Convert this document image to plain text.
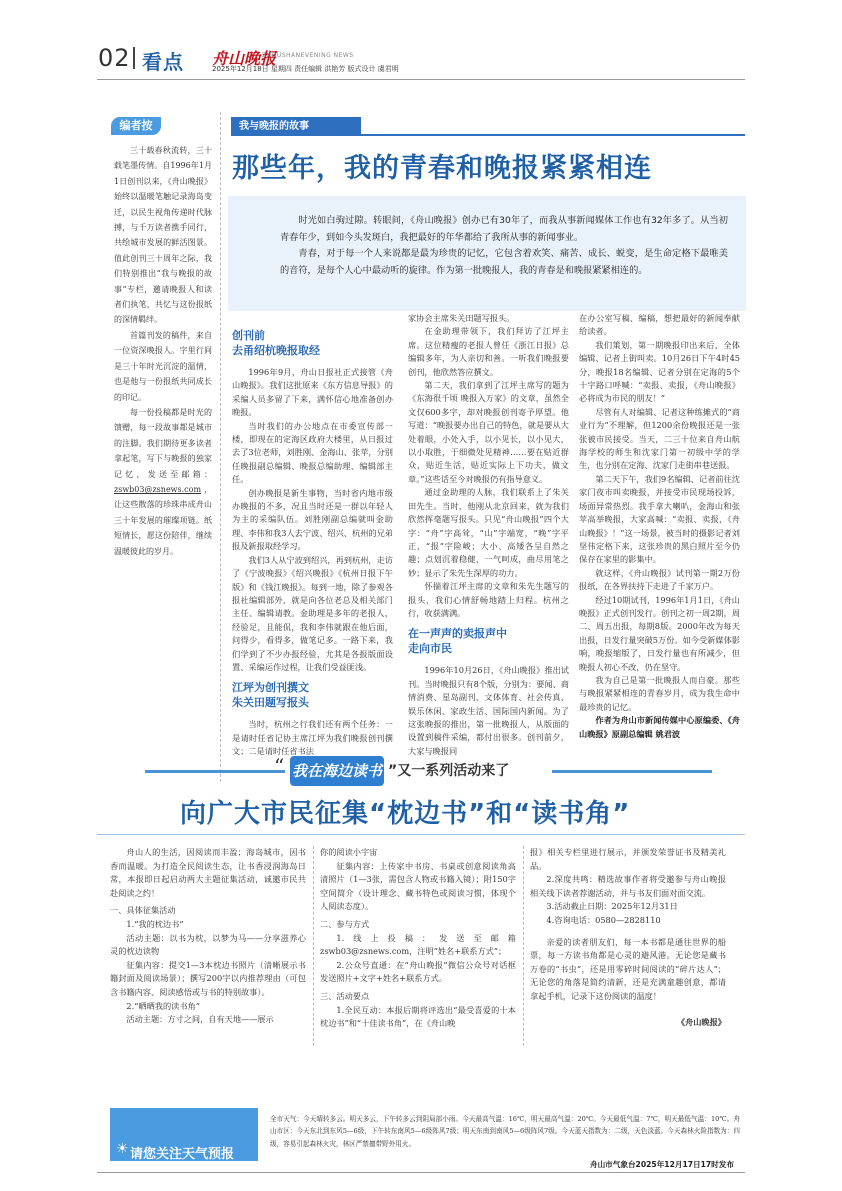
02 看点 舟山晚报
ZHOUSHANEVENING NEWS
2025年12月18日 星期四 责任编辑 洪艳芳 版式设计 虞君明
编者按

三十载春秋流转，三十载笔墨传情。自1996年1月1日创刊以来，《舟山晚报》始终以温暖笔触记录海岛变迁，以民生视角传递时代脉搏，与千万读者携手同行，共绘城市发展的鲜活图景。值此创刊三十周年之际，我们特别推出“我与晚报的故事”专栏，邀请晚报人和读者们执笔，共忆与这份报纸的深情羁绊。

首篇刊发的稿件，来自一位资深晚报人。字里行间是三十年时光沉淀的温情，也是他与一份报纸共同成长的印记。

每一份投稿都是时光的馈赠，每一段故事都是城市的注脚。我们期待更多读者拿起笔，写下与晚报的独家记忆，发送至邮箱：zswb03@zsnews.com，让这些散落的珍珠串成舟山三十年发展的璀璨项链。纸短情长，愿这份陪伴，继续温暖彼此的岁月。

我与晚报的故事
那些年，我的青春和晚报紧紧相连

时光如白驹过隙。转眼间，《舟山晚报》创办已有30年了，而我从事新闻媒体工作也有32年多了。从当初青春年少，到如今头发斑白，我把最好的年华都给了我所从事的新闻事业。

青春，对于每一个人来说都是最为珍贵的记忆，它包含着欢笑、痛苦、成长、蜕变，是生命定格下最唯美的音符，是每个人心中最动听的旋律。作为第一批晚报人，我的青春是和晚报紧紧相连的。

创刊前
去甬绍杭晚报取经

1996年9月，舟山日报社正式接管《舟山晚报》。我们这批原来《东方信息导报》的采编人员多留了下来，满怀信心地准备创办晚报。

当时我们的办公地点在市委宣传部一楼，即现在的定海区政府大楼里，从日报过去了3位老师，刘胜刚、金海山、张苹，分别任晚报副总编辑、晚报总编助理、编辑部主任。

创办晚报是新生事物，当时省内地市级办晚报的不多，况且当时还是一群以年轻人为主的采编队伍。刘胜刚副总编就叫金助理、李伟和我3人去宁波、绍兴、杭州的兄弟报及新报取经学习。

我们3人从宁波到绍兴，再到杭州，走访了《宁波晚报》《绍兴晚报》《杭州日报下午版》和《钱江晚报》。每到一地，除了参观各报社编辑部外，就是向各位老总及相关部门主任、编辑请教。金助理是多年的老报人，经验足，且能侃，我和李伟就跟在他后面，问得少，看得多，做笔记多。一路下来，我们学到了不少办报经验，尤其是各报版面设置、采编运作过程，让我们受益匪浅。

江坪为创刊撰文
朱关田题写报头

当时，杭州之行我们还有两个任务：一是请时任省记协主席江坪为我们晚报创刊撰文；二是请时任省书法

家协会主席朱关田题写报头。

在金助理带领下，我们拜访了江坪主席。这位精瘦的老报人曾任《浙江日报》总编辑多年，为人亲切和善。一听我们晚报要创刊，他欣然答应撰文。

第二天，我们拿到了江坪主席写的题为《东海很千顷 晚报入万家》的文章，虽然全文仅600多字，却对晚报创刊寄予厚望。他写道：“晚报要办出自己的特色，就是要从大处着眼，小处入手，以小见长，以小见大，以小取胜，于细微处见精神……要在贴近群众，贴近生活，贴近实际上下功夫，做文章。”这些话至今对晚报仍有指导意义。

通过金助理的人脉，我们联系上了朱关田先生。当时，他刚从北京回来，就为我们欣然挥毫题写报头。只见“舟山晚报”四个大字：“舟”字高耸，“山”字端宽，“晚”字平正，“报”字险峻；大小、高矮各呈自然之趣；点划沉着稳健，一气呵成，曲尽用笔之妙；显示了朱先生深厚的功力。

怀揣着江坪主席的文章和朱先生题写的报头，我们心情舒畅地踏上归程。杭州之行，收获满满。

在一声声的卖报声中
走向市民

1996年10月26日，《舟山晚报》推出试刊。当时晚报只有8个版，分别为：要闻、商情消费、星岛副刊、文体体育、社会传真、娱乐休闲、家政生活、国际国内新闻。为了这张晚报的推出，第一批晚报人，从版面的设置到稿件采编，都付出很多。创刊前夕，大家与晚报同

在办公室写稿、编稿，想把最好的新闻奉献给读者。

我们策划，第一期晚报印出来后，全体编辑、记者上街叫卖。10月26日下午4时45分，晚报18名编辑、记者分别在定海的5个十字路口呼喊：“卖报、卖报，《舟山晚报》必将成为市民的朋友！”

尽管有人对编辑、记者这种练摊式的“商业行为”不理解，但1200余份晚报还是一张张被市民接受。当天，二三十位来自舟山航海学校的师生和沈家门第一初级中学的学生，也分别在定海、沈家门走街串巷送报。

第二天下午，我们9名编辑、记者前往沈家门夜市叫卖晚报，并接受市民现场投诉，场面异常热烈。我手拿大喇叭，金海山和张苹高举晚报，大家高喊：“卖报、卖报，《舟山晚报》！”这一场景，被当时的摄影记者刘坚伟定格下来，这张珍贵的黑白照片至今仍保存在家里的影集中。

就这样，《舟山晚报》试刊第一期2万份报纸，在各界扶持下走进了千家万户。

经过10期试刊，1996年1月1日，《舟山晚报》正式创刊发行。创刊之初一周2期，周二、周五出报，每期8版。2000年改为每天出报，日发行量突破5万份。如今受新媒体影响，晚报缩版了，日发行量也有所减少，但晚报人初心不改，仍在坚守。

我为自己是第一批晚报人而自豪。那些与晚报紧紧相连的青春岁月，成为我生命中最珍贵的记忆。

作者为舟山市新闻传媒中心原编委、《舟山晚报》原副总编辑 姚君波

“ 我在海边读书 ”又一系列活动来了
向广大市民征集“枕边书”和“读书角”

舟山人的生活，因阅读而丰盈；海岛城市，因书香而温暖。为打造全民阅读生态，让书香浸润海岛日常，本报即日起启动两大主题征集活动，诚邀市民共赴阅读之约！

一、具体征集活动

1.“我的枕边书”

活动主题：以书为枕，以梦为马——分享滋养心灵的枕边读物

征集内容：提交1—3本枕边书照片（清晰展示书籍封面及阅读场景）；撰写200字以内推荐理由（可包含书籍内容、阅读感悟或与书的特别故事）。

2.“晒晒我的读书角”

活动主题：方寸之间，自有天地——展示

你的阅读小宇宙

征集内容：上传家中书房、书桌或创意阅读角高清照片（1—3张，需包含人物或书籍入镜）；附150字空间简介（设计理念、藏书特色或阅读习惯，体现个人阅读态度）。

二、参与方式

1.线上投稿：发送至邮箱zswb03@zsnews.com，注明“姓名+联系方式”；

2.公众号直通：在“舟山晚报”微信公众号对话框发送照片+文字+姓名+联系方式。

三、活动要点

1.全民互动：本报后期将评选出“最受喜爱的十本枕边书”和“十佳读书角”，在《舟山晚

报》相关专栏里进行展示，并颁发荣誉证书及精美礼品。

2.深度共鸣：精选故事作者将受邀参与舟山晚报相关线下读者荐谢活动，并与书友们面对面交流。

3.活动截止日期：2025年12月31日

4.咨询电话：0580—2828110

亲爱的读者朋友们，每一本书都是通往世界的船票，每一方读书角都是心灵的避风港。无论您是藏书万卷的“书虫”，还是用零碎时间阅读的“碎片达人”；无论您的角落是简约清新，还是充满童趣创意，都请拿起手机，记录下这份阅读的温度！

《舟山晚报》

☀ 请您关注天气预报
全市天气：今天晴转多云。明天多云，下午转多云到阴局部小雨。今天最高气温：16℃，明天最高气温：20℃。今天最低气温：7℃，明天最低气温：10℃。舟山市区：今天东北到东风5—6级，下午转东南风5—6级阵风7级；明天东南到南风5—6级阵风7级。今天蓝天指数为：二级，天色淡蓝。今天森林火险指数为：四级，容易引起森林火灾，林区严禁擅带野外用火。
舟山市气象台2025年12月17日17时发布
